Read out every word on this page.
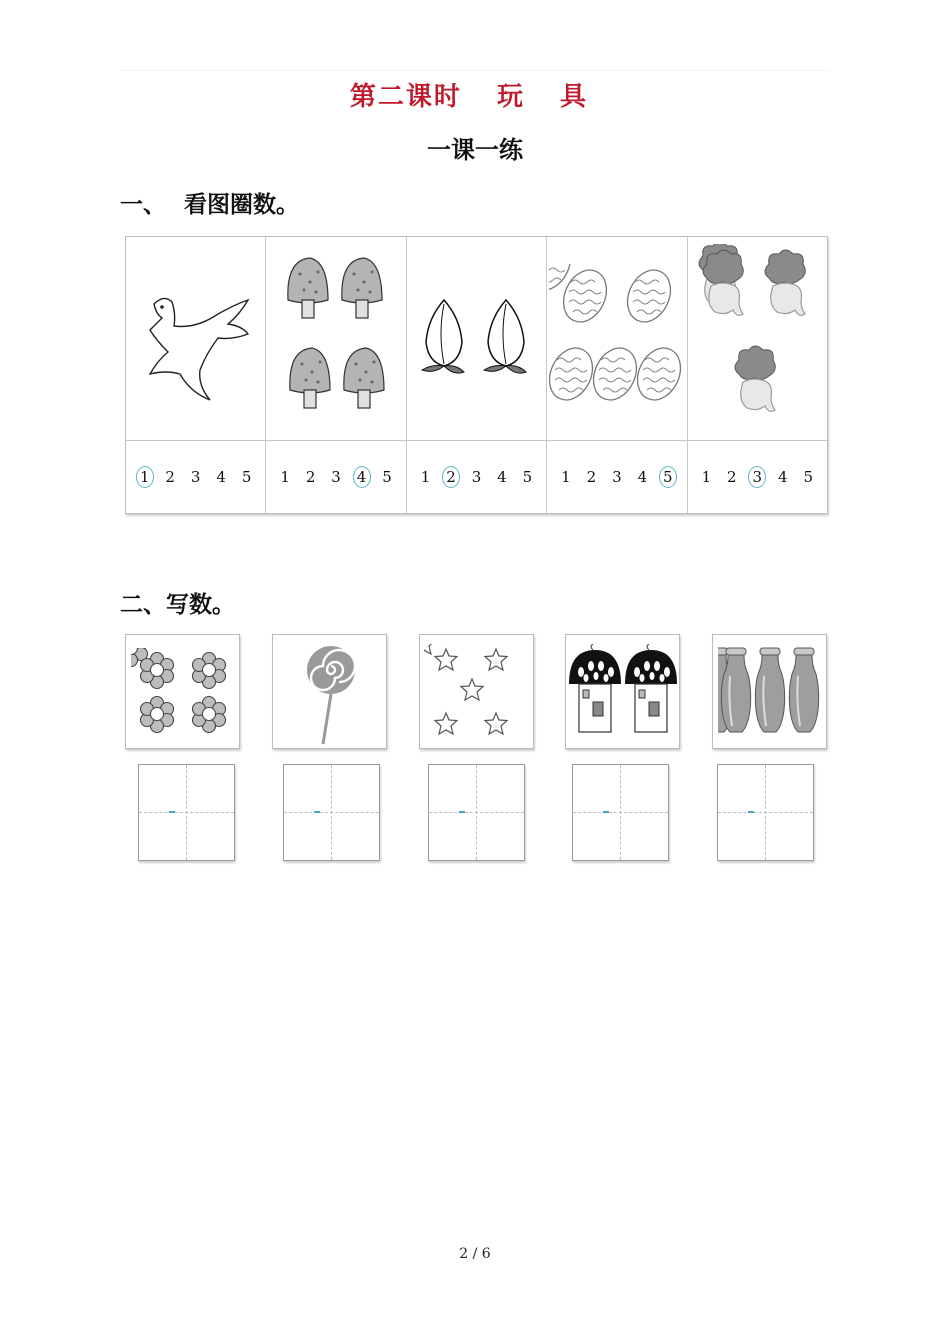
第二课时 玩 具
一课一练
一、 看图圈数。
1 2 3 4 5 1 2 3 4 5 1 2 3 4 5 1 2 3 4 5 1 2 3 4 5
二、写数。
2 / 6
